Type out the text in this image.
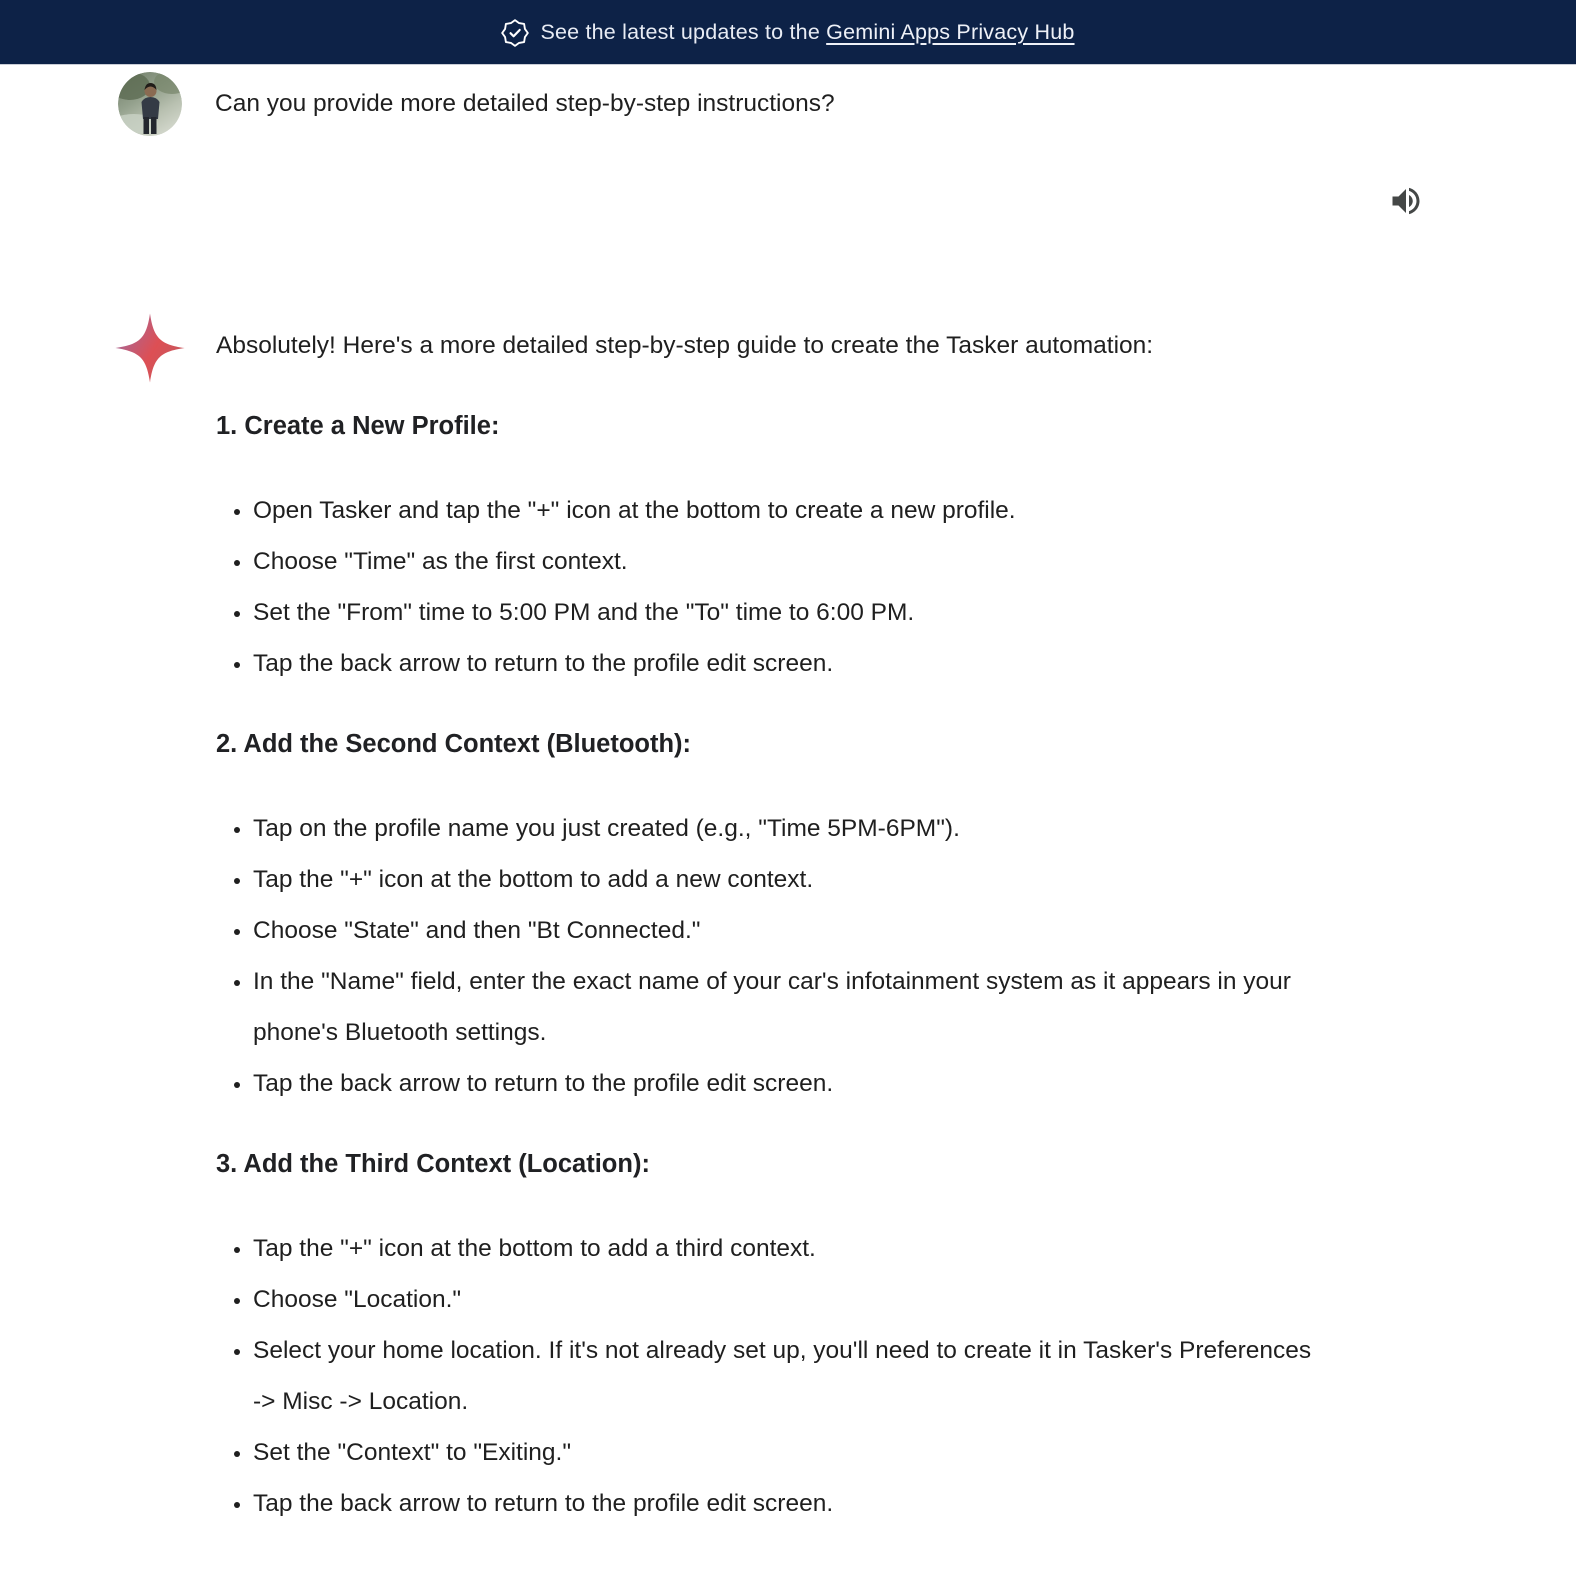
See the latest updates to the Gemini Apps Privacy Hub
Can you provide more detailed step-by-step instructions?

Absolutely! Here's a more detailed step-by-step guide to create the Tasker automation:

1. Create a New Profile:
• Open Tasker and tap the "+" icon at the bottom to create a new profile.
• Choose "Time" as the first context.
• Set the "From" time to 5:00 PM and the "To" time to 6:00 PM.
• Tap the back arrow to return to the profile edit screen.
2. Add the Second Context (Bluetooth):
• Tap on the profile name you just created (e.g., "Time 5PM-6PM").
• Tap the "+" icon at the bottom to add a new context.
• Choose "State" and then "Bt Connected."
• In the "Name" field, enter the exact name of your car's infotainment system as it appears in your phone's Bluetooth settings.
• Tap the back arrow to return to the profile edit screen.
3. Add the Third Context (Location):
• Tap the "+" icon at the bottom to add a third context.
• Choose "Location."
• Select your home location. If it's not already set up, you'll need to create it in Tasker's Preferences -> Misc -> Location.
• Set the "Context" to "Exiting."
• Tap the back arrow to return to the profile edit screen.
